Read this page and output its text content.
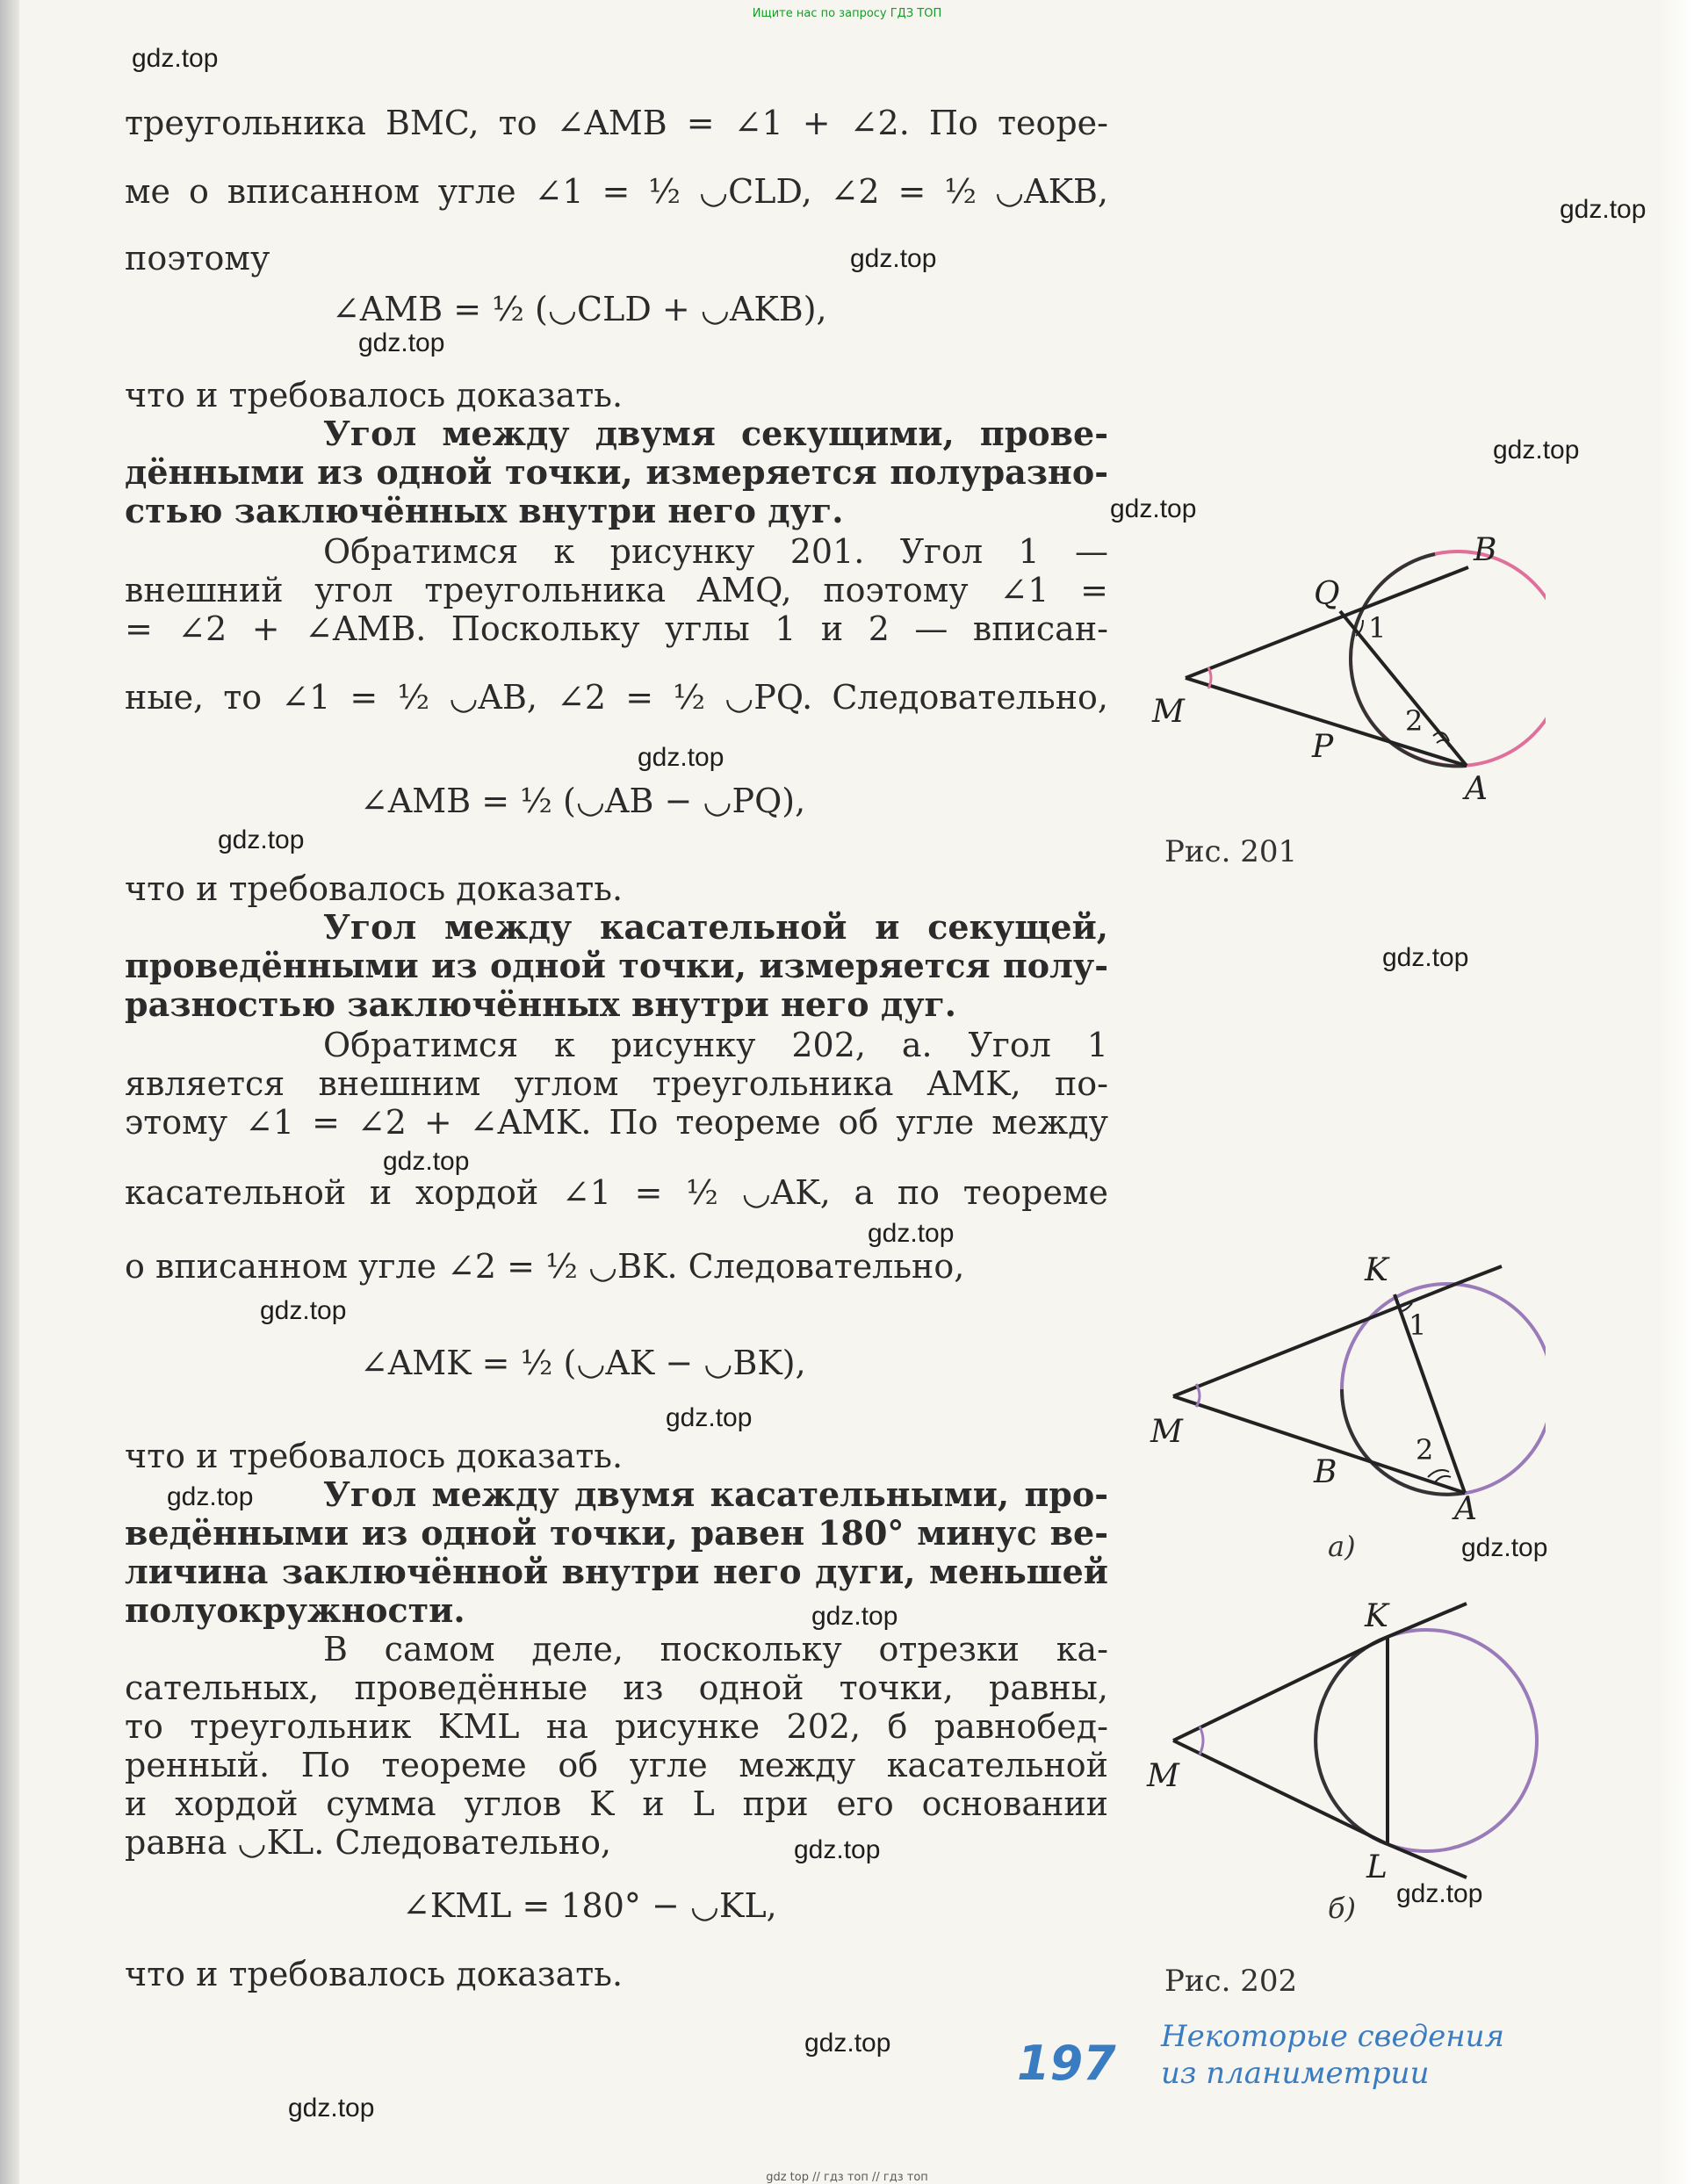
Ищите нас по запросу ГДЗ ТОП
gdz.top
gdz.top
gdz.top
gdz.top
gdz.top
gdz.top
gdz.top
gdz.top
gdz.top
gdz.top
gdz.top
gdz.top
gdz.top
gdz.top
gdz.top
gdz.top
gdz.top
gdz.top
gdz.top
gdz.top
треугольника BMC, то ∠AMB = ∠1 + ∠2. По теоре-
ме о вписанном угле ∠1 = ½ ◡CLD, ∠2 = ½ ◡AKB,
поэтому
∠AMB = ½ (◡CLD + ◡AKB),
что и требовалось доказать.
Угол между двумя секущими, прове-
дёнными из одной точки, измеряется полуразно-
стью заключённых внутри него дуг.
Обратимся к рисунку 201. Угол 1 —
внешний угол треугольника AMQ, поэтому ∠1 =
= ∠2 + ∠AMB. Поскольку углы 1 и 2 — вписан-
ные, то ∠1 = ½ ◡AB, ∠2 = ½ ◡PQ. Следовательно,
∠AMB = ½ (◡AB − ◡PQ),
что и требовалось доказать.
Угол между касательной и секущей,
проведёнными из одной точки, измеряется полу-
разностью заключённых внутри него дуг.
Обратимся к рисунку 202, а. Угол 1
является внешним углом треугольника AMK, по-
этому ∠1 = ∠2 + ∠AMK. По теореме об угле между
касательной и хордой ∠1 = ½ ◡AK, а по теореме
о вписанном угле ∠2 = ½ ◡BK. Следовательно,
∠AMK = ½ (◡AK − ◡BK),
что и требовалось доказать.
Угол между двумя касательными, про-
ведёнными из одной точки, равен 180° минус ве-
личина заключённой внутри него дуги, меньшей
полуокружности.
В самом деле, поскольку отрезки ка-
сательных, проведённые из одной точки, равны,
то треугольник KML на рисунке 202, б равнобед-
ренный. По теореме об угле между касательной
и хордой сумма углов K и L при его основании
равна ◡KL. Следовательно,
∠KML = 180° − ◡KL,
что и требовалось доказать.
B
Q
1
M	2
P
A
Рис. 201
K
1
M	2
B
A
а)
K
M
L
б)
Рис. 202
197 Некоторые сведения
из планиметрии
gdz top // гдз топ // гдз топ
